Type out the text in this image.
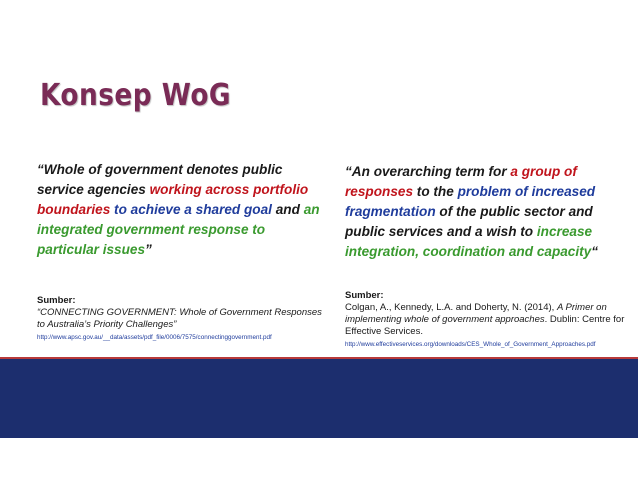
Konsep WoG
“Whole of government denotes public service agencies working across portfolio boundaries to achieve a shared goal and an integrated government response to particular issues”
“An overarching term for a group of responses to the problem of increased fragmentation of the public sector and public services and a wish to increase integration, coordination and capacity“
Sumber:
“CONNECTING GOVERNMENT: Whole of Government Responses to Australia’s Priority Challenges”
http://www.apsc.gov.au/__data/assets/pdf_file/0006/7575/connectinggovernment.pdf
Sumber:
Colgan, A., Kennedy, L.A. and Doherty, N. (2014), A Primer on implementing whole of government approaches. Dublin: Centre for Effective Services.
http://www.effectiveservices.org/downloads/CES_Whole_of_Government_Approaches.pdf
